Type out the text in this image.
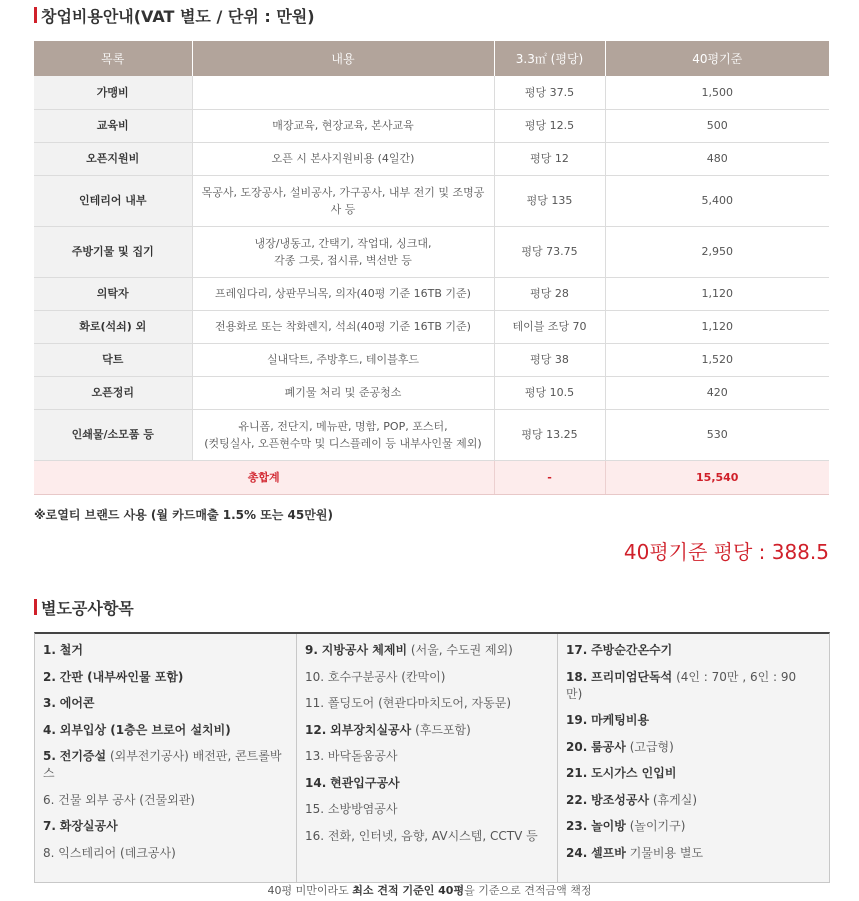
창업비용안내(VAT 별도 / 단위 : 만원)
목록	내용	3.3㎡ (평당)	40평기준
가맹비		평당 37.5	1,500
교육비	매장교육, 현장교육, 본사교육	평당 12.5	500
오픈지원비	오픈 시 본사지원비용 (4일간)	평당 12	480
인테리어 내부	목공사, 도장공사, 설비공사, 가구공사, 내부 전기 및 조명공사 등	평당 135	5,400
주방기물 및 집기	냉장/냉동고, 간택기, 작업대, 싱크대,
각종 그릇, 접시류, 벽선반 등	평당 73.75	2,950
의탁자	프레임다리, 상판무늬목, 의자(40평 기준 16TB 기준)	평당 28	1,120
화로(석쇠) 외	전용화로 또는 착화렌지, 석쇠(40평 기준 16TB 기준)	테이블 조당 70	1,120
닥트	실내닥트, 주방후드, 테이블후드	평당 38	1,520
오픈정리	폐기물 처리 및 준공청소	평당 10.5	420
인쇄물/소모품 등	유니폼, 전단지, 메뉴판, 명함, POP, 포스터,
(컷팅실사, 오픈현수막 및 디스플레이 등 내부사인물 제외)	평당 13.25	530
총합계		-	15,540
※로열티 브랜드 사용 (월 카드매출 1.5% 또는 45만원)
40평기준 평당 : 388.5
별도공사항목
1. 철거
2. 간판 (내부싸인물 포함)
3. 에어콘
4. 외부입상 (1층은 브로어 설치비)
5. 전기증설 (외부전기공사) 배전판, 콘트롤박스
6. 건물 외부 공사 (건물외관)
7. 화장실공사
8. 익스테리어 (데크공사)
9. 지방공사 체제비 (서울, 수도권 제외)
10. 호수구분공사 (칸막이)
11. 폴딩도어 (현관다마치도어, 자동문)
12. 외부장치실공사 (후드포함)
13. 바닥돋움공사
14. 현관입구공사
15. 소방방염공사
16. 전화, 인터넷, 음향, AV시스템, CCTV 등
17. 주방순간온수기
18. 프리미엄단독석 (4인 : 70만 , 6인 : 90만)
19. 마케팅비용
20. 룸공사 (고급형)
21. 도시가스 인입비
22. 방조성공사 (휴게실)
23. 놀이방 (놀이기구)
24. 셀프바 기물비용 별도
40평 미만이라도 최소 견적 기준인 40평을 기준으로 견적금액 책정
